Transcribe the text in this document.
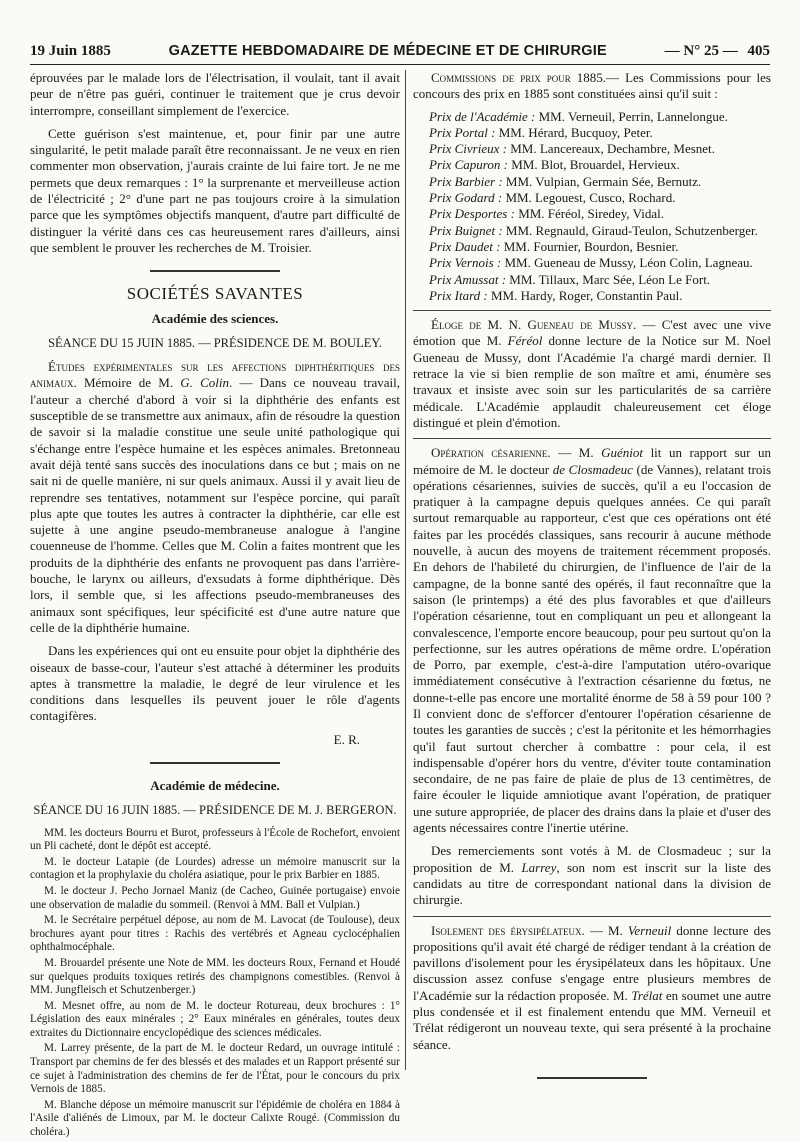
19 Juin 1885	GAZETTE HEBDOMADAIRE DE MÉDECINE ET DE CHIRURGIE	— N° 25 — 405

éprouvées par le malade lors de l'électrisation, il voulait, tant il avait peur de n'être pas guéri, continuer le traitement que je crus devoir interrompre, conseillant simplement de l'exercice.

Cette guérison s'est maintenue, et, pour finir par une autre singularité, le petit malade paraît être reconnaissant. Je ne veux en rien commenter mon observation, j'aurais crainte de lui faire tort. Je ne me permets que deux remarques : 1° la surprenante et merveilleuse action de l'électricité ; 2° d'une part ne pas toujours croire à la simulation parce que les symptômes objectifs manquent, d'autre part difficulté de distinguer la vérité dans ces cas heureusement rares d'ailleurs, ainsi que semblent le prouver les recherches de M. Troisier.

SOCIÉTÉS SAVANTES
Académie des sciences.
SÉANCE DU 15 JUIN 1885. — PRÉSIDENCE DE M. BOULEY.

Études expérimentales sur les affections diphthéritiques des animaux. Mémoire de M. G. Colin. — Dans ce nouveau travail, l'auteur a cherché d'abord à voir si la diphthérie des enfants est susceptible de se transmettre aux animaux, afin de résoudre la question de savoir si la maladie constitue une seule unité pathologique qui s'échange entre l'espèce humaine et les espèces animales. Bretonneau avait déjà tenté sans succès des inoculations dans ce but ; mais on ne sait ni de quelle manière, ni sur quels animaux. Aussi il y avait lieu de reprendre ses tentatives, notamment sur l'espèce porcine, qui paraît plus apte que toutes les autres à contracter la diphthérie, car elle est sujette à une angine pseudo-membraneuse analogue à l'angine couenneuse de l'homme. Celles que M. Colin a faites montrent que les produits de la diphthérie des enfants ne provoquent pas dans l'arrière-bouche, le larynx ou ailleurs, d'exsudats à forme diphthérique. Dès lors, il semble que, si les affections pseudo-membraneuses des animaux sont spécifiques, leur spécificité est d'une autre nature que celle de la diphthérie humaine.

Dans les expériences qui ont eu ensuite pour objet la diphthérie des oiseaux de basse-cour, l'auteur s'est attaché à déterminer les produits aptes à transmettre la maladie, le degré de leur virulence et les conditions dans lesquelles ils peuvent jouer le rôle d'agents contagifères.

E. R.
Académie de médecine.
SÉANCE DU 16 JUIN 1885. — PRÉSIDENCE DE M. J. BERGERON.

MM. les docteurs Bourru et Burot, professeurs à l'École de Rochefort, envoient un Pli cacheté, dont le dépôt est accepté.

M. le docteur Latapie (de Lourdes) adresse un mémoire manuscrit sur la contagion et la prophylaxie du choléra asiatique, pour le prix Barbier en 1885.

M. le docteur J. Pecho Jornael Maniz (de Cacheo, Guinée portugaise) envoie une observation de maladie du sommeil. (Renvoi à MM. Ball et Vulpian.)

M. le Secrétaire perpétuel dépose, au nom de M. Lavocat (de Toulouse), deux brochures ayant pour titres : Rachis des vertébrés et Agneau cyclocéphalien ophthalmocéphale.

M. Brouardel présente une Note de MM. les docteurs Roux, Fernand et Houdé sur quelques produits toxiques retirés des champignons comestibles. (Renvoi à MM. Jungfleisch et Schutzenberger.)

M. Mesnet offre, au nom de M. le docteur Rotureau, deux brochures : 1° Législation des eaux minérales ; 2° Eaux minérales en générales, toutes deux extraites du Dictionnaire encyclopédique des sciences médicales.

M. Larrey présente, de la part de M. le docteur Redard, un ouvrage intitulé : Transport par chemins de fer des blessés et des malades et un Rapport présenté sur ce sujet à l'administration des chemins de fer de l'État, pour le concours du prix Vernois de 1885.

M. Blanche dépose un mémoire manuscrit sur l'épidémie de choléra en 1884 à l'Asile d'aliénés de Limoux, par M. le docteur Calixte Rougé. (Commission du choléra.)

Commissions de prix pour 1885.— Les Commissions pour les concours des prix en 1885 sont constituées ainsi qu'il suit :

Prix de l'Académie : MM. Verneuil, Perrin, Lannelongue.

Prix Portal : MM. Hérard, Bucquoy, Peter.

Prix Civrieux : MM. Lancereaux, Dechambre, Mesnet.

Prix Capuron : MM. Blot, Brouardel, Hervieux.

Prix Barbier : MM. Vulpian, Germain Sée, Bernutz.

Prix Godard : MM. Legouest, Cusco, Rochard.

Prix Desportes : MM. Féréol, Siredey, Vidal.

Prix Buignet : MM. Regnauld, Giraud-Teulon, Schutzenberger.

Prix Daudet : MM. Fournier, Bourdon, Besnier.

Prix Vernois : MM. Gueneau de Mussy, Léon Colin, Lagneau.

Prix Amussat : MM. Tillaux, Marc Sée, Léon Le Fort.

Prix Itard : MM. Hardy, Roger, Constantin Paul.

Éloge de M. N. Gueneau de Mussy. — C'est avec une vive émotion que M. Féréol donne lecture de la Notice sur M. Noel Gueneau de Mussy, dont l'Académie l'a chargé mardi dernier. Il retrace la vie si bien remplie de son maître et ami, énumère ses travaux et insiste avec soin sur les particularités de sa carrière médicale. L'Académie applaudit chaleureusement cet éloge distingué et plein d'émotion.

Opération césarienne. — M. Guéniot lit un rapport sur un mémoire de M. le docteur de Closmadeuc (de Vannes), relatant trois opérations césariennes, suivies de succès, qu'il a eu l'occasion de pratiquer à la campagne depuis quelques années. Ce qui paraît surtout remarquable au rapporteur, c'est que ces opérations ont été faites par les procédés classiques, sans recourir à aucune méthode nouvelle, à aucun des moyens de traitement récemment proposés. En dehors de l'habileté du chirurgien, de l'influence de l'air de la campagne, de la bonne santé des opérés, il faut reconnaître que la saison (le printemps) a été des plus favorables et que d'ailleurs l'opération césarienne, tout en compliquant un peu et allongeant la convalescence, l'emporte encore beaucoup, pour peu surtout qu'on la perfectionne, sur les autres opérations de même ordre. L'opération de Porro, par exemple, c'est-à-dire l'amputation utéro-ovarique immédiatement consécutive à l'extraction césarienne du fœtus, ne donne-t-elle pas encore une mortalité énorme de 58 à 59 pour 100 ? Il convient donc de s'efforcer d'entourer l'opération césarienne de toutes les garanties de succès ; c'est la péritonite et les hémorrhagies qu'il faut surtout chercher à combattre : pour cela, il est indispensable d'opérer hors du ventre, d'éviter toute contamination secondaire, de ne pas faire de plaie de plus de 13 centimètres, de faire écouler le liquide amniotique avant l'opération, de pratiquer une suture appropriée, de placer des drains dans la plaie et d'user des agents nécessaires contre l'inertie utérine.

Des remerciements sont votés à M. de Closmadeuc ; sur la proposition de M. Larrey, son nom est inscrit sur la liste des candidats au titre de correspondant national dans la division de chirurgie.

Isolement des érysipélateux. — M. Verneuil donne lecture des propositions qu'il avait été chargé de rédiger tendant à la création de pavillons d'isolement pour les érysipélateux dans les hôpitaux. Une discussion assez confuse s'engage entre plusieurs membres de l'Académie sur la rédaction proposée. M. Trélat en soumet une autre plus condensée et il est finalement entendu que MM. Verneuil et Trélat rédigeront un nouveau texte, qui sera présenté à la prochaine séance.
